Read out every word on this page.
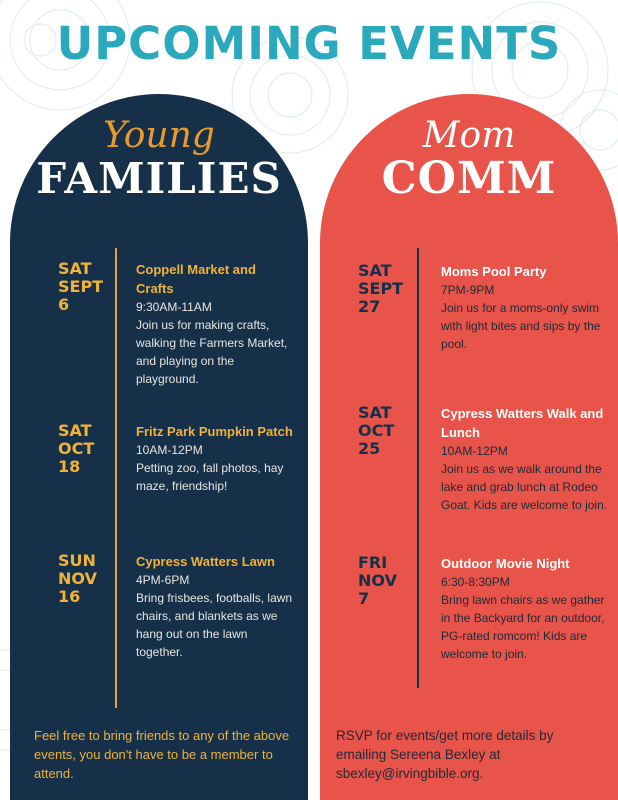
UPCOMING EVENTS
Young
FAMILIES
SAT
SEPT
6
Coppell Market and Crafts
9:30AM-11AM
Join us for making crafts, walking the Farmers Market, and playing on the playground.
SAT
OCT
18
Fritz Park Pumpkin Patch
10AM-12PM
Petting zoo, fall photos, hay maze, friendship!
SUN
NOV
16
Cypress Watters Lawn
4PM-6PM
Bring frisbees, footballs, lawn chairs, and blankets as we hang out on the lawn together.
Feel free to bring friends to any of the above events, you don't have to be a member to attend.
Mom
COMM
SAT
SEPT
27
Moms Pool Party
7PM-9PM
Join us for a moms-only swim with light bites and sips by the pool.
SAT
OCT
25
Cypress Watters Walk and Lunch
10AM-12PM
Join us as we walk around the lake and grab lunch at Rodeo Goat. Kids are welcome to join.
FRI
NOV
7
Outdoor Movie Night
6:30-8:30PM
Bring lawn chairs as we gather in the Backyard for an outdoor, PG-rated romcom! Kids are welcome to join.
RSVP for events/get more details by emailing Sereena Bexley at sbexley@irvingbible.org.
